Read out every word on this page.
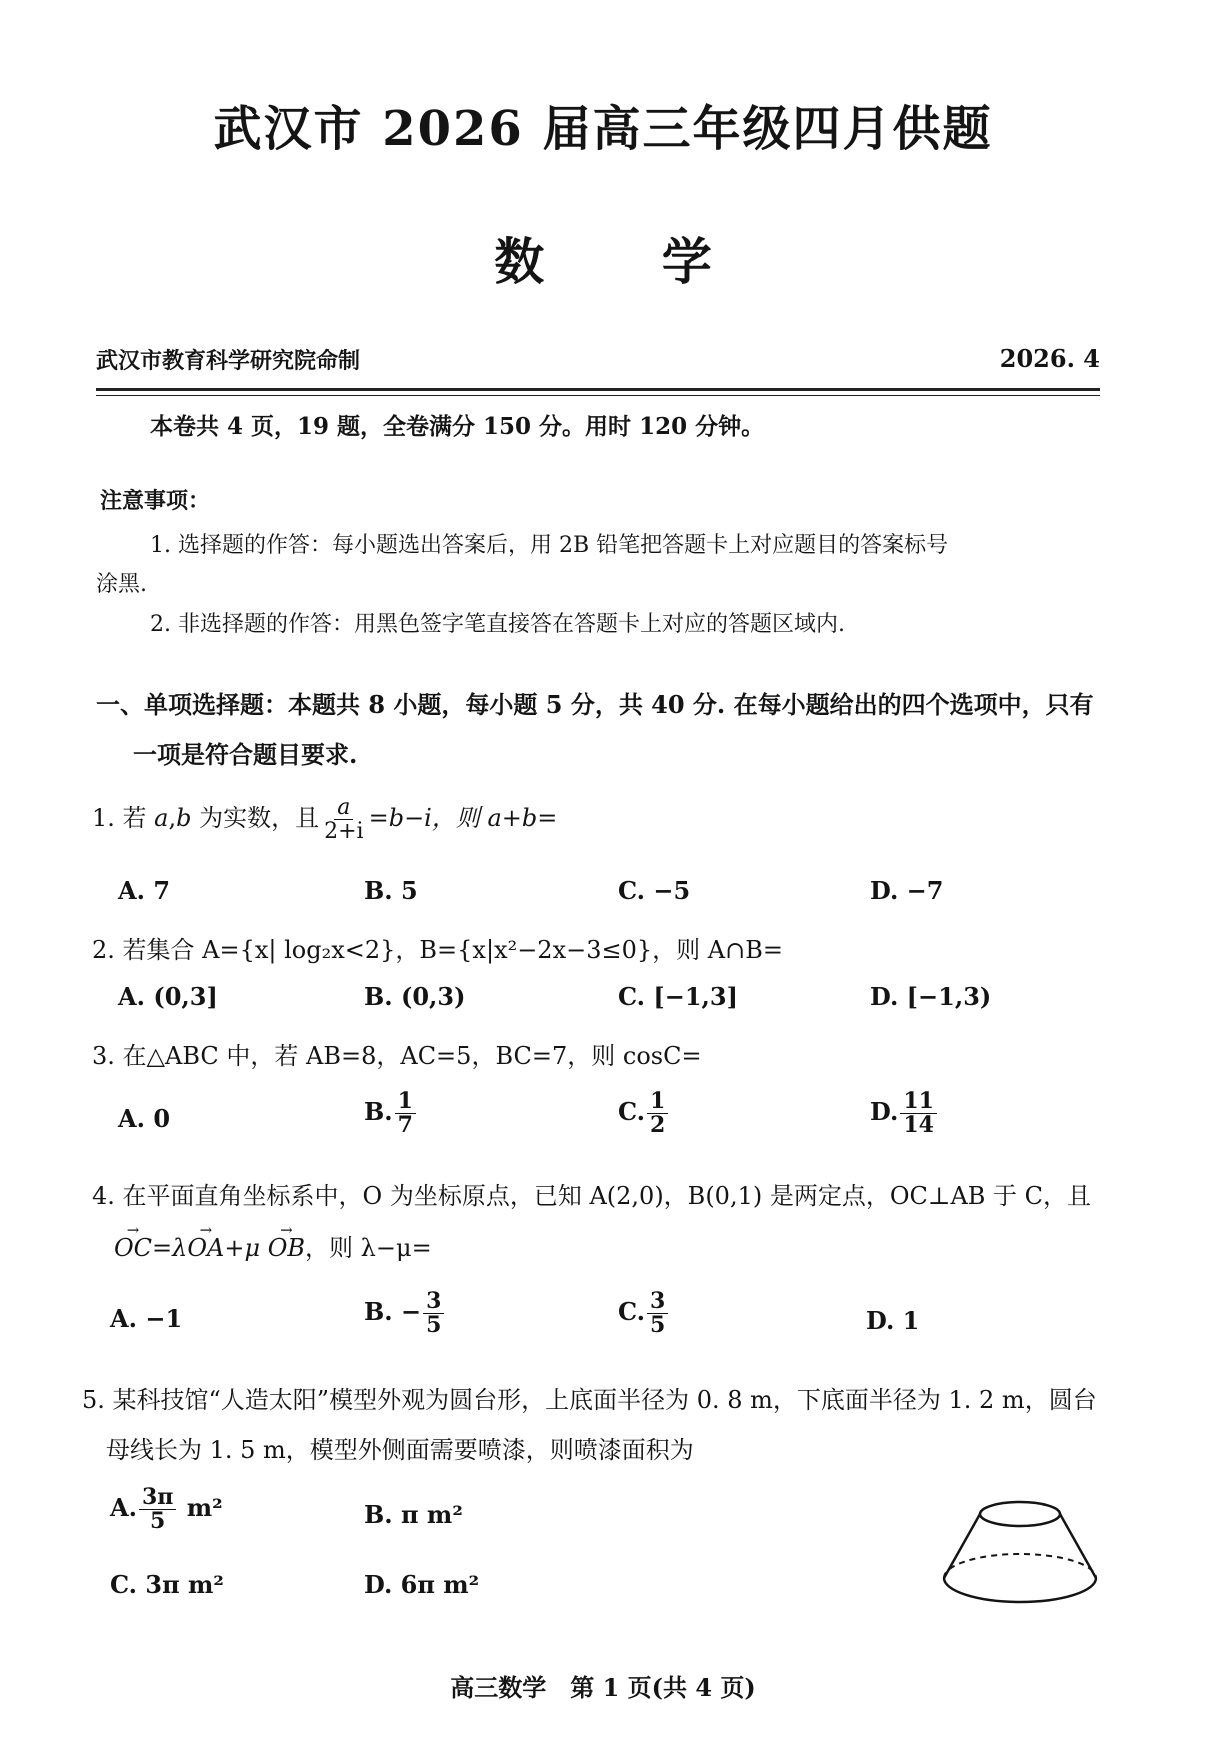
武汉市 2026 届高三年级四月供题
数 学
武汉市教育科学研究院命制	2026. 4
本卷共 4 页，19 题，全卷满分 150 分。用时 120 分钟。
注意事项：
1. 选择题的作答：每小题选出答案后，用 2B 铅笔把答题卡上对应题目的答案标号
涂黑.
2. 非选择题的作答：用黑色签字笔直接答在答题卡上对应的答题区域内.
一、单项选择题：本题共 8 小题，每小题 5 分，共 40 分. 在每小题给出的四个选项中，只有
一项是符合题目要求.
1. 若 a,b 为实数，且 $\frac{a}{2+i} =b-i$，则 a+b=
A. 7	B. 5	C. −5	D. −7
2. 若集合 A={x| log₂x<2}，B={x|x²−2x−3≤0}，则 A∩B=
A. (0,3]	B. (0,3)	C. [−1,3]	D. [−1,3)
3. 在△ABC 中，若 AB=8，AC=5，BC=7，则 cosC=
A. 0	B. $\frac{1}{7}$	C. $\frac{1}{2}$	D. $\frac{11}{14}$
4. 在平面直角坐标系中，O 为坐标原点，已知 A(2,0)，B(0,1) 是两定点，OC⊥AB 于 C，且
→ OC=λ→ OA+μ → OB，则 λ−μ=
A. −1	B. − $\frac{3}{5}$	C. $\frac{3}{5}$	D. 1
5. 某科技馆“人造太阳”模型外观为圆台形，上底面半径为 0. 8 m，下底面半径为 1. 2 m，圆台
母线长为 1. 5 m，模型外侧面需要喷漆，则喷漆面积为
A. $\frac{3\pi}{5} m^2$	B. π m²
C. 3π m²	D. 6π m²
高三数学　第 1 页(共 4 页)
